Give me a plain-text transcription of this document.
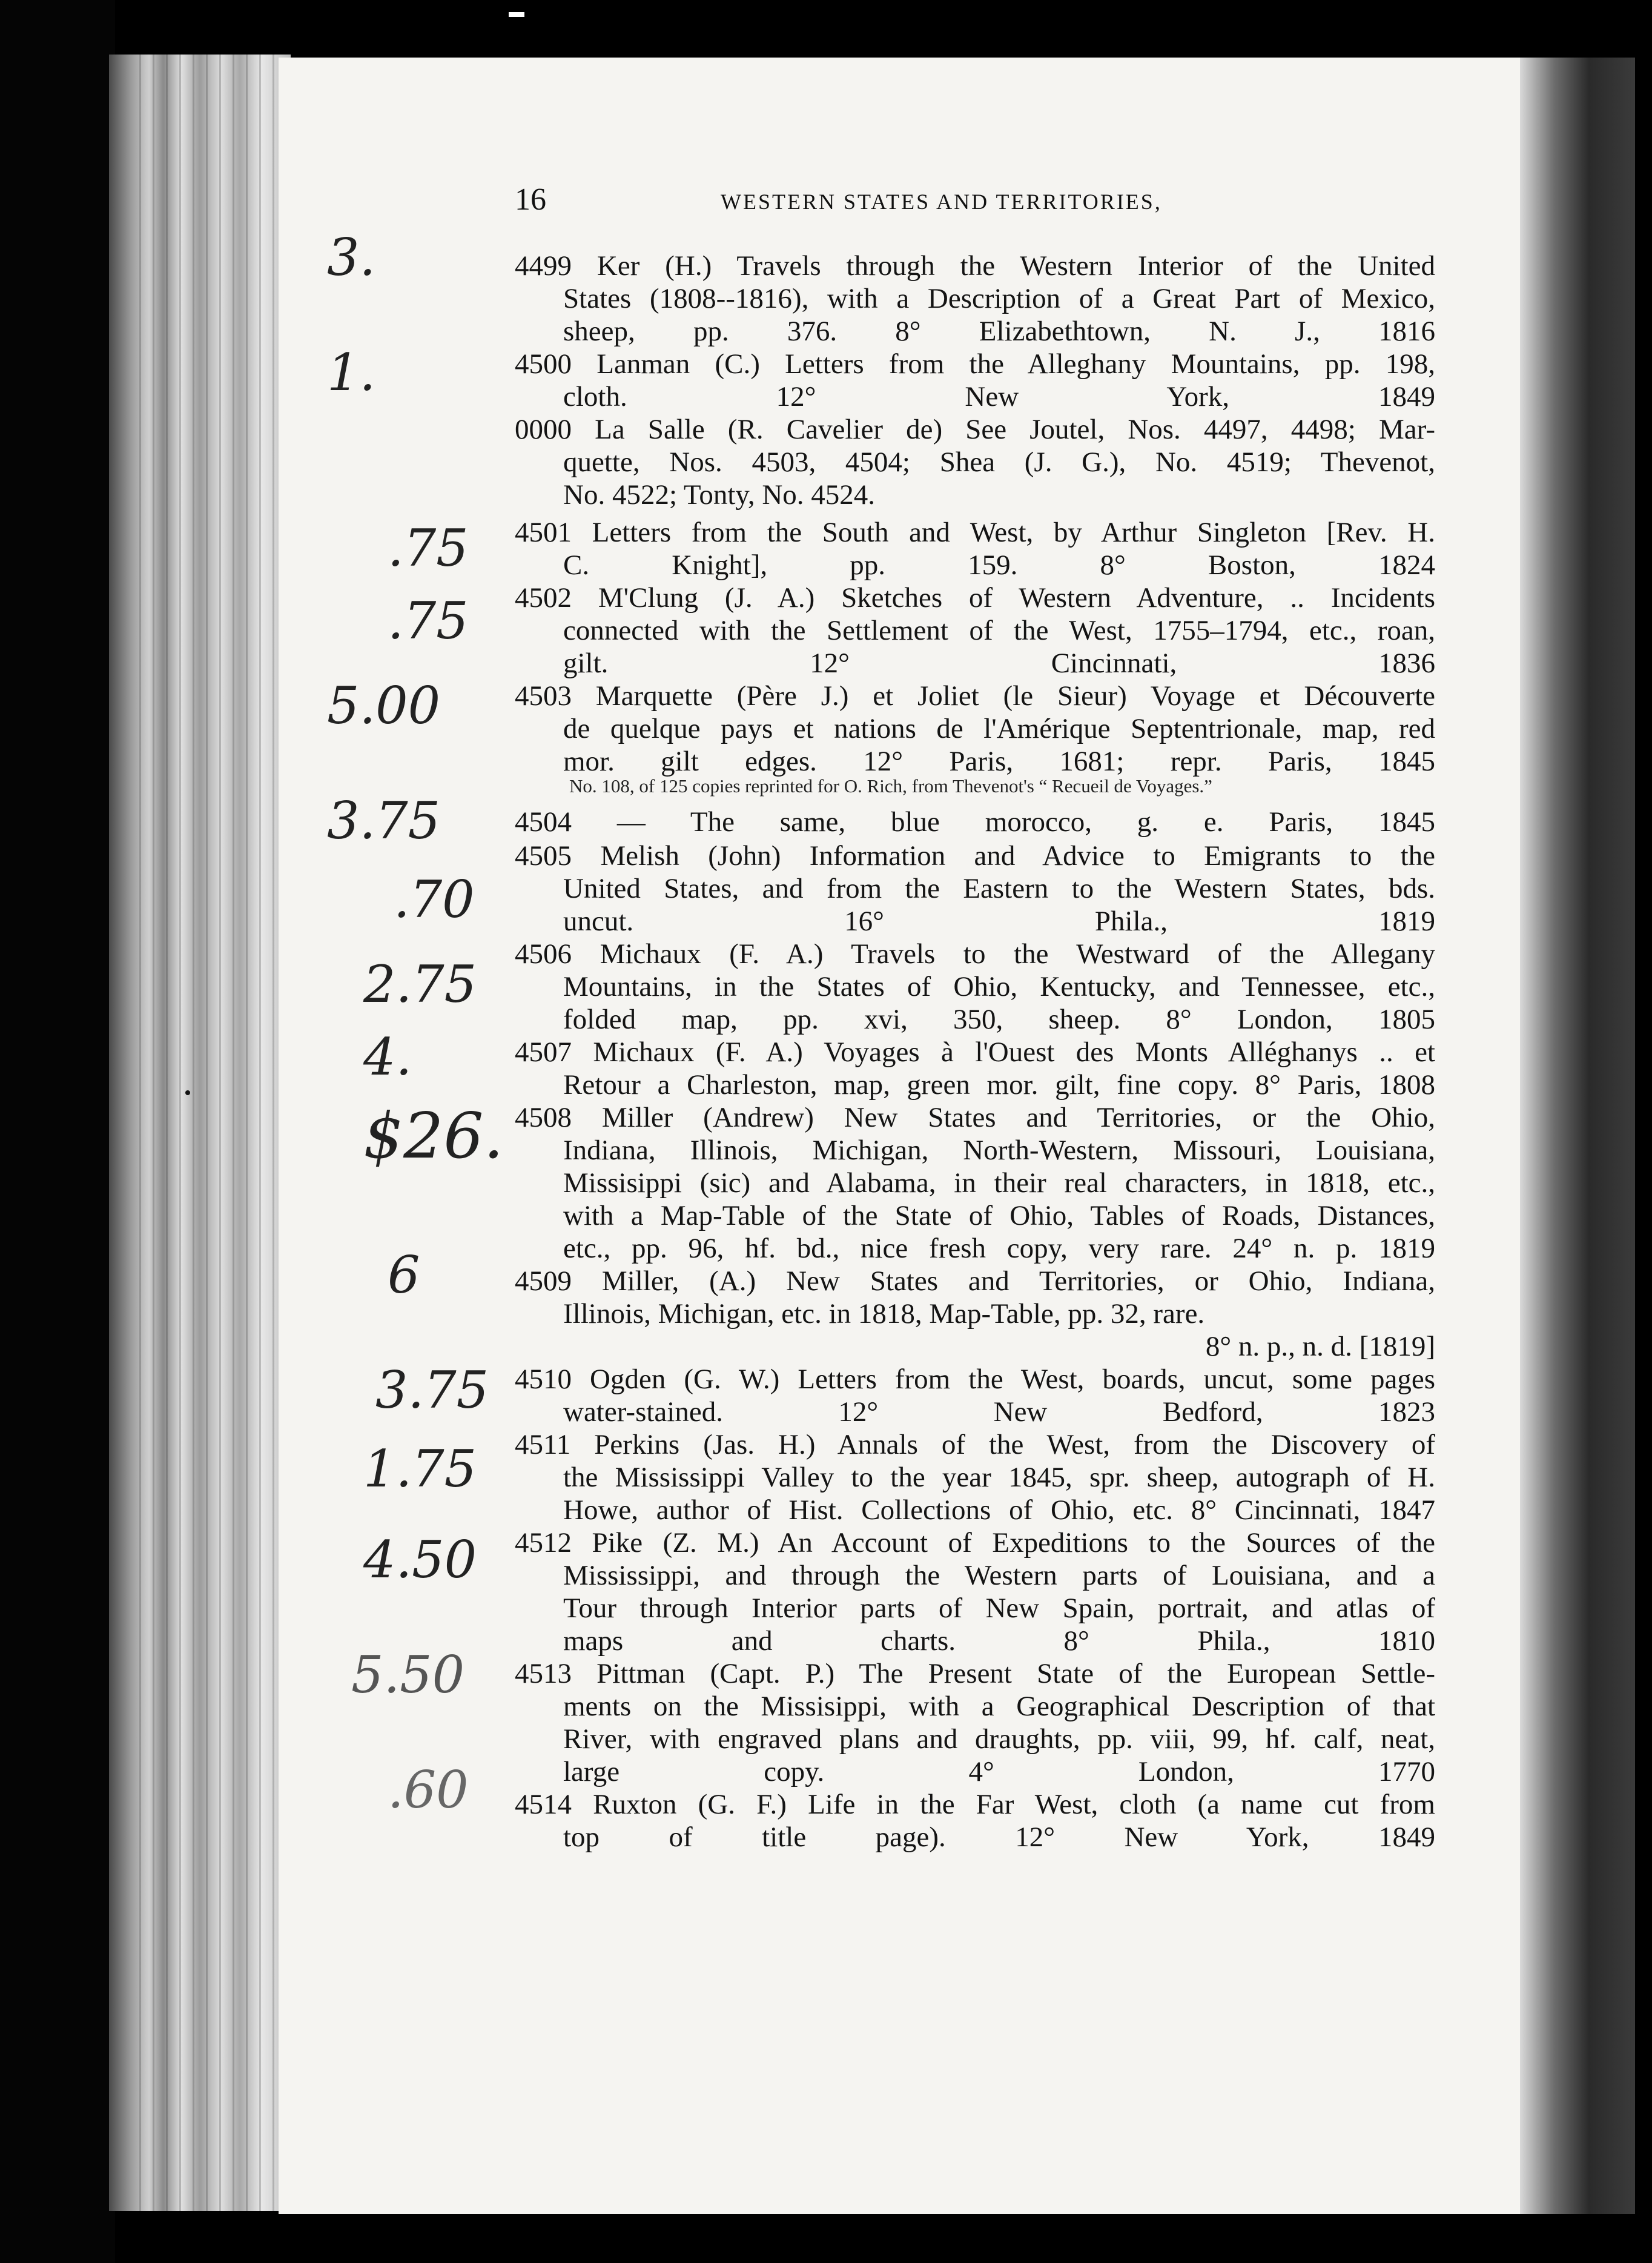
16	WESTERN STATES AND TERRITORIES,
4499 Ker (H.) Travels through the Western Interior of the United
States (1808--1816), with a Description of a Great Part of Mexico,
sheep, pp. 376. 8° Elizabethtown, N. J., 1816
3.
4500 Lanman (C.) Letters from the Alleghany Mountains, pp. 198,
cloth. 12° New York, 1849
1.
0000 La Salle (R. Cavelier de) See Joutel, Nos. 4497, 4498; Mar-
quette, Nos. 4503, 4504; Shea (J. G.), No. 4519; Thevenot,
No. 4522; Tonty, No. 4524.
4501 Letters from the South and West, by Arthur Singleton [Rev. H.
C. Knight], pp. 159. 8° Boston, 1824
.75
4502 M'Clung (J. A.) Sketches of Western Adventure, .. Incidents
connected with the Settlement of the West, 1755–1794, etc., roan,
gilt. 12° Cincinnati, 1836
.75
4503 Marquette (Père J.) et Joliet (le Sieur) Voyage et Découverte
de quelque pays et nations de l'Amérique Septentrionale, map, red
mor. gilt edges. 12° Paris, 1681; repr. Paris, 1845
No. 108, of 125 copies reprinted for O. Rich, from Thevenot's “ Recueil de Voyages.”
5.00
4504 — The same, blue morocco, g. e. Paris, 1845
3.75
4505 Melish (John) Information and Advice to Emigrants to the
United States, and from the Eastern to the Western States, bds.
uncut. 16° Phila., 1819
.70
4506 Michaux (F. A.) Travels to the Westward of the Allegany
Mountains, in the States of Ohio, Kentucky, and Tennessee, etc.,
folded map, pp. xvi, 350, sheep. 8° London, 1805
2.75
4507 Michaux (F. A.) Voyages à l'Ouest des Monts Alléghanys .. et
Retour a Charleston, map, green mor. gilt, fine copy. 8° Paris, 1808
4.
4508 Miller (Andrew) New States and Territories, or the Ohio,
Indiana, Illinois, Michigan, North-Western, Missouri, Louisiana,
Missisippi (sic) and Alabama, in their real characters, in 1818, etc.,
with a Map-Table of the State of Ohio, Tables of Roads, Distances,
etc., pp. 96, hf. bd., nice fresh copy, very rare. 24° n. p. 1819
$26.
4509 Miller, (A.) New States and Territories, or Ohio, Indiana,
Illinois, Michigan, etc. in 1818, Map-Table, pp. 32, rare.
8° n. p., n. d. [1819]
6
4510 Ogden (G. W.) Letters from the West, boards, uncut, some pages
water-stained. 12° New Bedford, 1823
3.75
4511 Perkins (Jas. H.) Annals of the West, from the Discovery of
the Mississippi Valley to the year 1845, spr. sheep, autograph of H.
Howe, author of Hist. Collections of Ohio, etc. 8° Cincinnati, 1847
1.75
4512 Pike (Z. M.) An Account of Expeditions to the Sources of the
Mississippi, and through the Western parts of Louisiana, and a
Tour through Interior parts of New Spain, portrait, and atlas of
maps and charts. 8° Phila., 1810
4.50
4513 Pittman (Capt. P.) The Present State of the European Settle-
ments on the Missisippi, with a Geographical Description of that
River, with engraved plans and draughts, pp. viii, 99, hf. calf, neat,
large copy. 4° London, 1770
5.50
4514 Ruxton (G. F.) Life in the Far West, cloth (a name cut from
top of title page). 12° New York, 1849
.60
